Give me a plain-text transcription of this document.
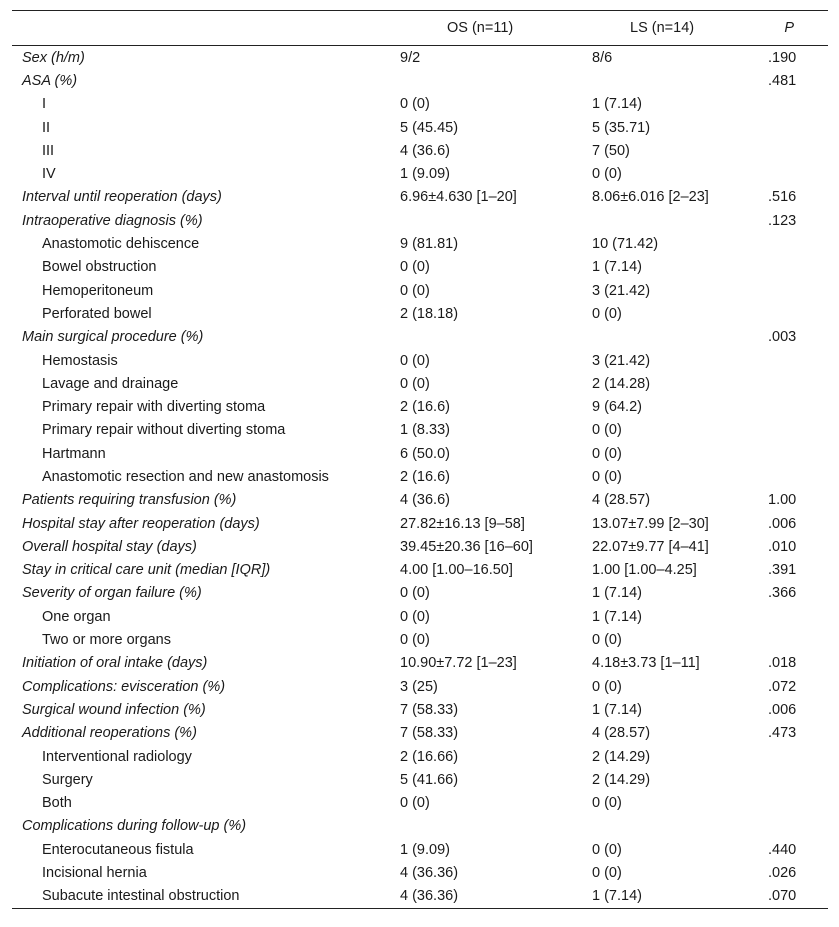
	OS (n=11)	LS (n=14)	P
Sex (h/m)	9/2	8/6	.190
ASA (%)			.481
I	0 (0)	1 (7.14)	
II	5 (45.45)	5 (35.71)	
III	4 (36.6)	7 (50)	
IV	1 (9.09)	0 (0)	
Interval until reoperation (days)	6.96±4.630 [1–20]	8.06±6.016 [2–23]	.516
Intraoperative diagnosis (%)			.123
Anastomotic dehiscence	9 (81.81)	10 (71.42)	
Bowel obstruction	0 (0)	1 (7.14)	
Hemoperitoneum	0 (0)	3 (21.42)	
Perforated bowel	2 (18.18)	0 (0)	
Main surgical procedure (%)			.003
Hemostasis	0 (0)	3 (21.42)	
Lavage and drainage	0 (0)	2 (14.28)	
Primary repair with diverting stoma	2 (16.6)	9 (64.2)	
Primary repair without diverting stoma	1 (8.33)	0 (0)	
Hartmann	6 (50.0)	0 (0)	
Anastomotic resection and new anastomosis	2 (16.6)	0 (0)	
Patients requiring transfusion (%)	4 (36.6)	4 (28.57)	1.00
Hospital stay after reoperation (days)	27.82±16.13 [9–58]	13.07±7.99 [2–30]	.006
Overall hospital stay (days)	39.45±20.36 [16–60]	22.07±9.77 [4–41]	.010
Stay in critical care unit (median [IQR])	4.00 [1.00–16.50]	1.00 [1.00–4.25]	.391
Severity of organ failure (%)	0 (0)	1 (7.14)	.366
One organ	0 (0)	1 (7.14)	
Two or more organs	0 (0)	0 (0)	
Initiation of oral intake (days)	10.90±7.72 [1–23]	4.18±3.73 [1–11]	.018
Complications: evisceration (%)	3 (25)	0 (0)	.072
Surgical wound infection (%)	7 (58.33)	1 (7.14)	.006
Additional reoperations (%)	7 (58.33)	4 (28.57)	.473
Interventional radiology	2 (16.66)	2 (14.29)	
Surgery	5 (41.66)	2 (14.29)	
Both	0 (0)	0 (0)	
Complications during follow-up (%)			
Enterocutaneous fistula	1 (9.09)	0 (0)	.440
Incisional hernia	4 (36.36)	0 (0)	.026
Subacute intestinal obstruction	4 (36.36)	1 (7.14)	.070
